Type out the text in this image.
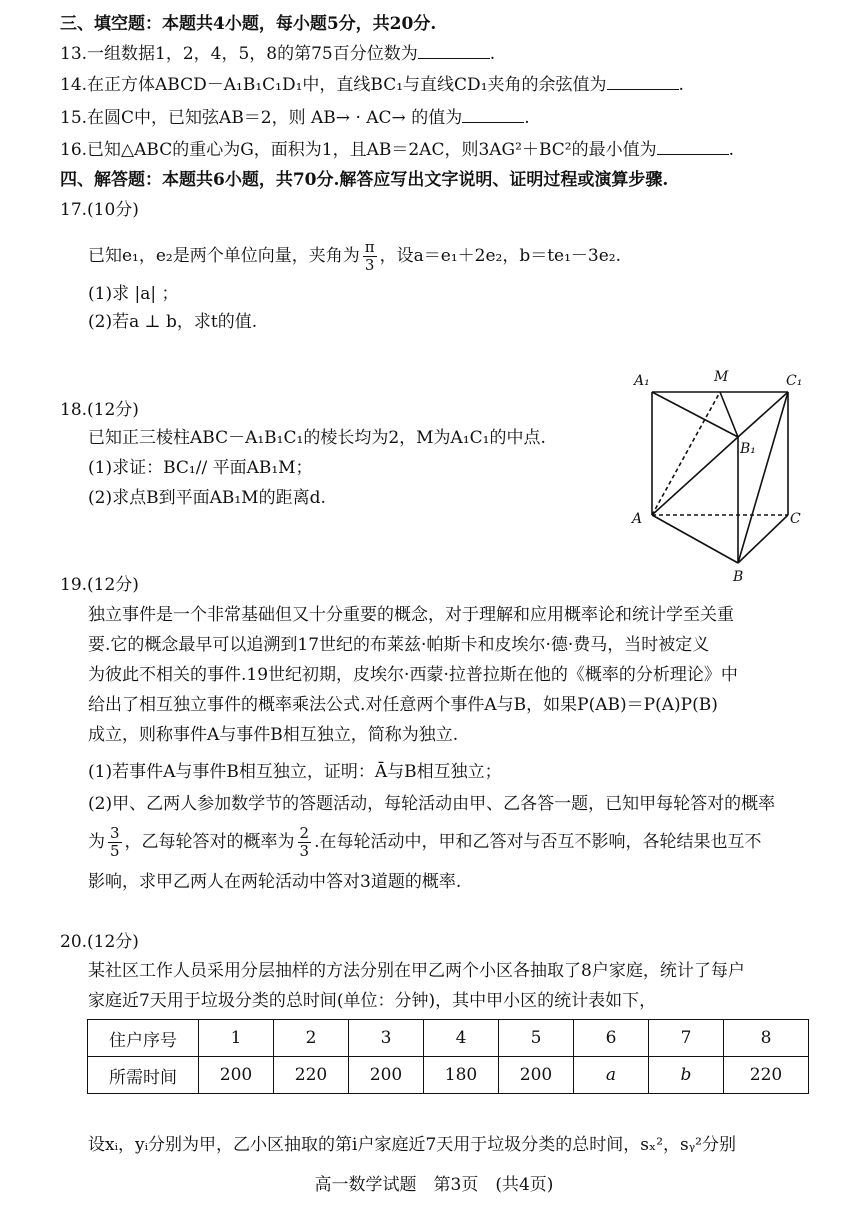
三、填空题：本题共4小题，每小题5分，共20分.
13.一组数据1，2，4，5，8的第75百分位数为	.
14.在正方体ABCD－A₁B₁C₁D₁中，直线BC₁与直线CD₁夹角的余弦值为	.
15.在圆C中，已知弦AB＝2，则 AB→ · AC→ 的值为	.
16.已知△ABC的重心为G，面积为1，且AB＝2AC，则3AG²＋BC²的最小值为	.
四、解答题：本题共6小题，共70分.解答应写出文字说明、证明过程或演算步骤.
17.(10分)
已知e₁，e₂是两个单位向量，夹角为 $\frac{\pi}{3}$ ，设a＝e₁＋2e₂，b＝te₁－3e₂.
(1)求 |a| ；
(2)若a ⊥ b，求t的值.
18.(12分)
已知正三棱柱ABC－A₁B₁C₁的棱长均为2，M为A₁C₁的中点.
(1)求证：BC₁// 平面AB₁M；
(2)求点B到平面AB₁M的距离d.
A₁	M	C₁
B₁
A	C
B
19.(12分)
独立事件是一个非常基础但又十分重要的概念，对于理解和应用概率论和统计学至关重
要.它的概念最早可以追溯到17世纪的布莱兹·帕斯卡和皮埃尔·德·费马，当时被定义
为彼此不相关的事件.19世纪初期，皮埃尔·西蒙·拉普拉斯在他的《概率的分析理论》中
给出了相互独立事件的概率乘法公式.对任意两个事件A与B，如果P(AB)＝P(A)P(B)
成立，则称事件A与事件B相互独立，简称为独立.
(1)若事件A与事件B相互独立，证明：Ā与B相互独立；
(2)甲、乙两人参加数学节的答题活动，每轮活动由甲、乙各答一题，已知甲每轮答对的概率
为 $\frac{3}{5}$ ，乙每轮答对的概率为 $\frac{2}{3}$ .在每轮活动中，甲和乙答对与否互不影响，各轮结果也互不
影响，求甲乙两人在两轮活动中答对3道题的概率.
20.(12分)
某社区工作人员采用分层抽样的方法分别在甲乙两个小区各抽取了8户家庭，统计了每户
家庭近7天用于垃圾分类的总时间(单位：分钟)，其中甲小区的统计表如下，
住户序号	1	2	3	4	5	6	7	8
所需时间	200	220	200	180	200	a	b	220
设xᵢ，yᵢ分别为甲，乙小区抽取的第i户家庭近7天用于垃圾分类的总时间，sₓ²，sᵧ²分别
高一数学试题　第3页　(共4页)
